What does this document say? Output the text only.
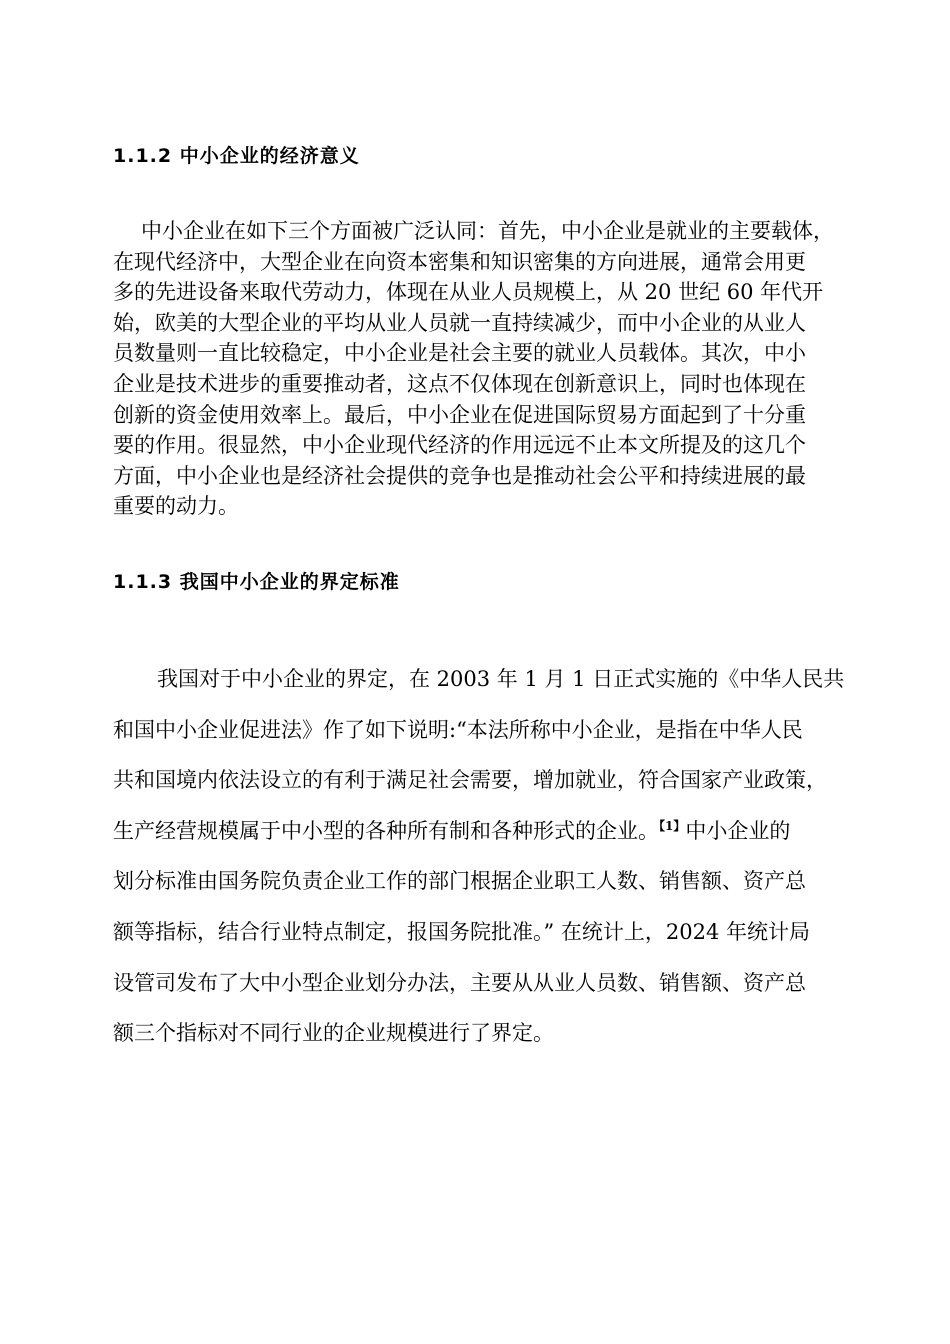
1.1.2 中小企业的经济意义
中小企业在如下三个方面被广泛认同：首先，中小企业是就业的主要载体，
在现代经济中，大型企业在向资本密集和知识密集的方向进展，通常会用更
多的先进设备来取代劳动力，体现在从业人员规模上，从 20 世纪 60 年代开
始，欧美的大型企业的平均从业人员就一直持续减少，而中小企业的从业人
员数量则一直比较稳定，中小企业是社会主要的就业人员载体。其次，中小
企业是技术进步的重要推动者，这点不仅体现在创新意识上，同时也体现在
创新的资金使用效率上。最后，中小企业在促进国际贸易方面起到了十分重
要的作用。很显然，中小企业现代经济的作用远远不止本文所提及的这几个
方面，中小企业也是经济社会提供的竞争也是推动社会公平和持续进展的最
重要的动力。
1.1.3 我国中小企业的界定标准
我国对于中小企业的界定，在 2003 年 1 月 1 日正式实施的《中华人民共
和国中小企业促进法》作了如下说明:“本法所称中小企业，是指在中华人民
共和国境内依法设立的有利于满足社会需要，增加就业，符合国家产业政策，
生产经营规模属于中小型的各种所有制和各种形式的企业。$^{【1】}$中小企业的
划分标准由国务院负责企业工作的部门根据企业职工人数、销售额、资产总
额等指标，结合行业特点制定，报国务院批准。” 在统计上，2024 年统计局
设管司发布了大中小型企业划分办法，主要从从业人员数、销售额、资产总
额三个指标对不同行业的企业规模进行了界定。
